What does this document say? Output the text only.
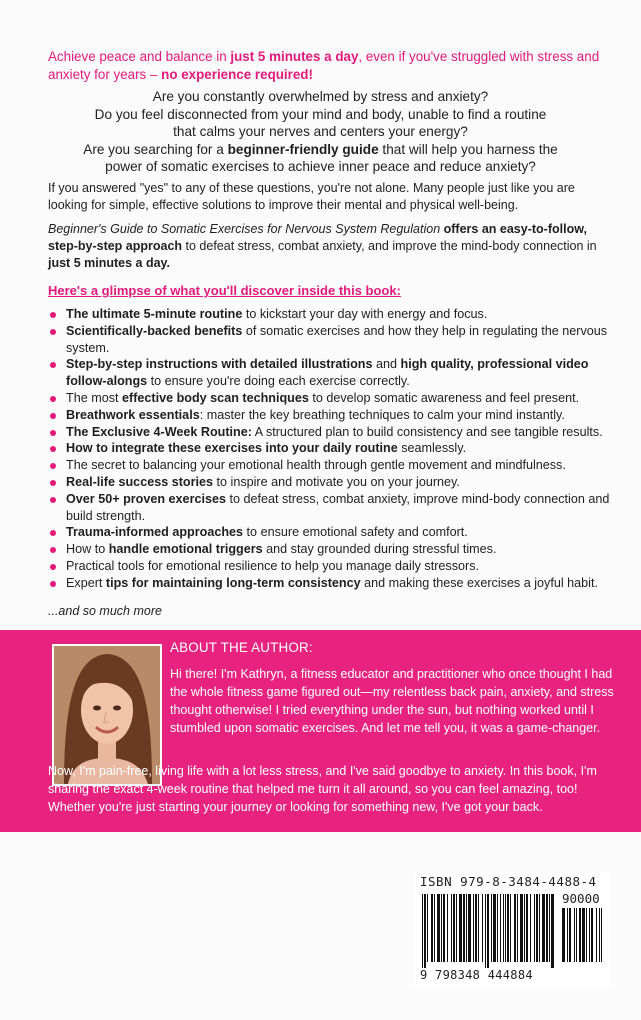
Achieve peace and balance in just 5 minutes a day, even if you've struggled with stress and anxiety for years – no experience required!

Are you constantly overwhelmed by stress and anxiety?

Do you feel disconnected from your mind and body, unable to find a routine

that calms your nerves and centers your energy?

Are you searching for a beginner-friendly guide that will help you harness the

power of somatic exercises to achieve inner peace and reduce anxiety?

If you answered "yes" to any of these questions, you're not alone. Many people just like you are looking for simple, effective solutions to improve their mental and physical well-being.

Beginner's Guide to Somatic Exercises for Nervous System Regulation offers an easy-to-follow, step-by-step approach to defeat stress, combat anxiety, and improve the mind-body connection in just 5 minutes a day.

Here's a glimpse of what you'll discover inside this book:
The ultimate 5-minute routine to kickstart your day with energy and focus.
Scientifically-backed benefits of somatic exercises and how they help in regulating the nervous system.
Step-by-step instructions with detailed illustrations and high quality, professional video follow-alongs to ensure you're doing each exercise correctly.
The most effective body scan techniques to develop somatic awareness and feel present.
Breathwork essentials: master the key breathing techniques to calm your mind instantly.
The Exclusive 4-Week Routine: A structured plan to build consistency and see tangible results.
How to integrate these exercises into your daily routine seamlessly.
The secret to balancing your emotional health through gentle movement and mindfulness.
Real-life success stories to inspire and motivate you on your journey.
Over 50+ proven exercises to defeat stress, combat anxiety, improve mind-body connection and build strength.
Trauma-informed approaches to ensure emotional safety and comfort.
How to handle emotional triggers and stay grounded during stressful times.
Practical tools for emotional resilience to help you manage daily stressors.
Expert tips for maintaining long-term consistency and making these exercises a joyful habit.
...and so much more
ABOUT THE AUTHOR:

Hi there! I'm Kathryn, a fitness educator and practitioner who once thought I had the whole fitness game figured out—my relentless back pain, anxiety, and stress thought otherwise! I tried everything under the sun, but nothing worked until I stumbled upon somatic exercises. And let me tell you, it was a game-changer.

Now, I'm pain-free, living life with a lot less stress, and I've said goodbye to anxiety. In this book, I'm sharing the exact 4-week routine that helped me turn it all around, so you can feel amazing, too! Whether you're just starting your journey or looking for something new, I've got your back.

ISBN 979-8-3484-4488-4
90000
9 798348 444884
